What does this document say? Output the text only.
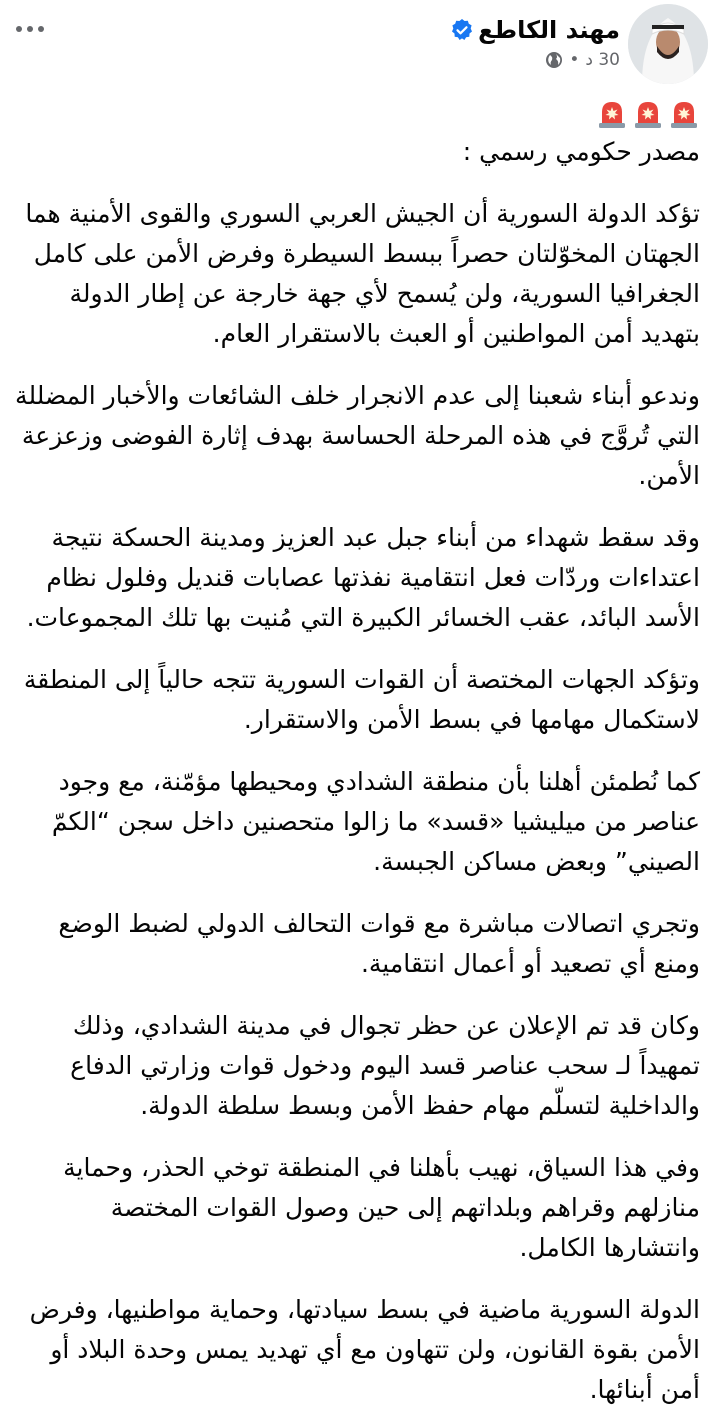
مهند الكاطع
30 د
•
مصدر حكومي رسمي :
تؤكد الدولة السورية أن الجيش العربي السوري والقوى الأمنية هما
الجهتان المخوّلتان حصراً ببسط السيطرة وفرض الأمن على كامل
الجغرافيا السورية، ولن يُسمح لأي جهة خارجة عن إطار الدولة
بتهديد أمن المواطنين أو العبث بالاستقرار العام.
وندعو أبناء شعبنا إلى عدم الانجرار خلف الشائعات والأخبار المضللة
التي تُروَّج في هذه المرحلة الحساسة بهدف إثارة الفوضى وزعزعة
الأمن.
وقد سقط شهداء من أبناء جبل عبد العزيز ومدينة الحسكة نتيجة
اعتداءات وردّات فعل انتقامية نفذتها عصابات قنديل وفلول نظام
الأسد البائد، عقب الخسائر الكبيرة التي مُنيت بها تلك المجموعات.
وتؤكد الجهات المختصة أن القوات السورية تتجه حالياً إلى المنطقة
لاستكمال مهامها في بسط الأمن والاستقرار.
كما نُطمئن أهلنا بأن منطقة الشدادي ومحيطها مؤمّنة، مع وجود
عناصر من ميليشيا «قسد» ما زالوا متحصنين داخل سجن “الكمّ
الصيني” وبعض مساكن الجبسة.
وتجري اتصالات مباشرة مع قوات التحالف الدولي لضبط الوضع
ومنع أي تصعيد أو أعمال انتقامية.
وكان قد تم الإعلان عن حظر تجوال في مدينة الشدادي، وذلك
تمهيداً لـ سحب عناصر قسد اليوم ودخول قوات وزارتي الدفاع
والداخلية لتسلّم مهام حفظ الأمن وبسط سلطة الدولة.
وفي هذا السياق، نهيب بأهلنا في المنطقة توخي الحذر، وحماية
منازلهم وقراهم وبلداتهم إلى حين وصول القوات المختصة
وانتشارها الكامل.
الدولة السورية ماضية في بسط سيادتها، وحماية مواطنيها، وفرض
الأمن بقوة القانون، ولن تتهاون مع أي تهديد يمس وحدة البلاد أو
أمن أبنائها.
